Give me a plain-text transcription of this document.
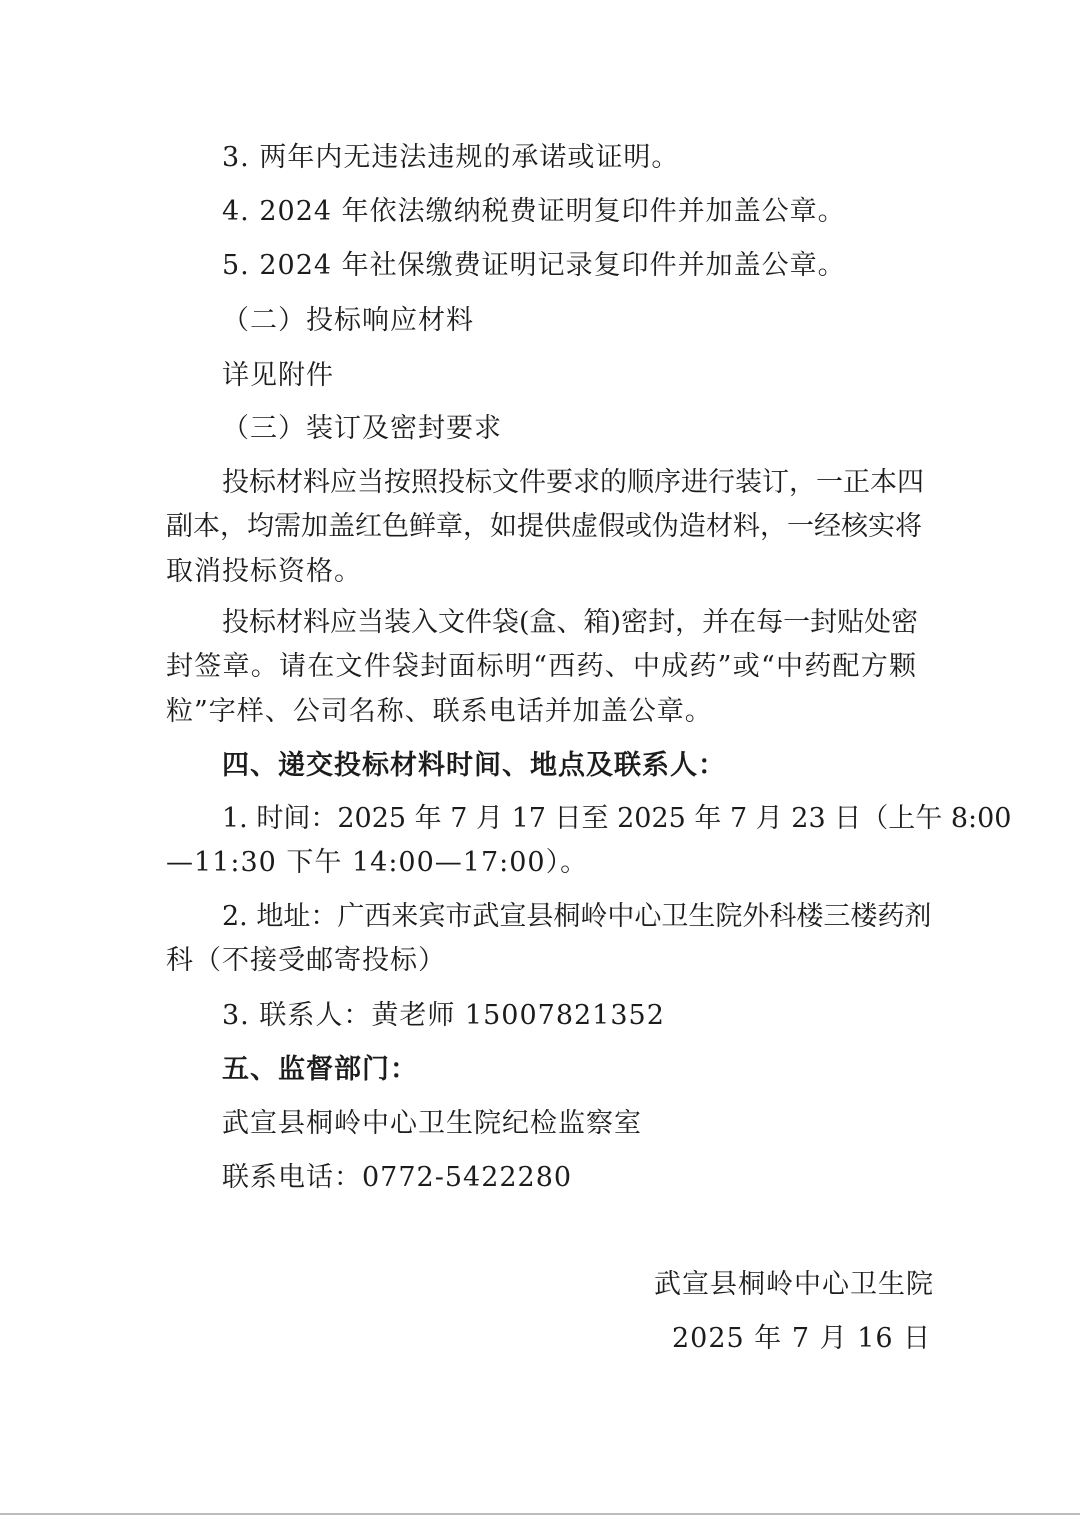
3. 两年内无违法违规的承诺或证明。
4. 2024 年依法缴纳税费证明复印件并加盖公章。
5. 2024 年社保缴费证明记录复印件并加盖公章。
（二）投标响应材料
详见附件
（三）装订及密封要求
投标材料应当按照投标文件要求的顺序进行装订，一正本四
副本，均需加盖红色鲜章，如提供虚假或伪造材料，一经核实将
取消投标资格。
投标材料应当装入文件袋(盒、箱)密封，并在每一封贴处密
封签章。请在文件袋封面标明“西药、中成药”或“中药配方颗
粒”字样、公司名称、联系电话并加盖公章。
四、递交投标材料时间、地点及联系人：
1. 时间：2025 年 7 月 17 日至 2025 年 7 月 23 日（上午 8:00
—11:30 下午 14:00—17:00）。
2. 地址：广西来宾市武宣县桐岭中心卫生院外科楼三楼药剂
科（不接受邮寄投标）
3. 联系人：黄老师 15007821352
五、监督部门：
武宣县桐岭中心卫生院纪检监察室
联系电话：0772-5422280
武宣县桐岭中心卫生院
2025 年 7 月 16 日
